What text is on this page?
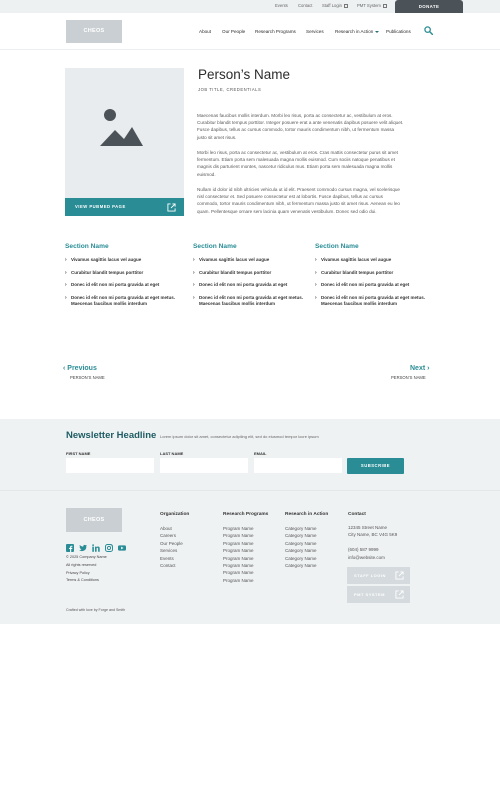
Events Contact Staff Login	PMT System	DONATE
CHEOS	About Our People Research Programs Services Research in Action	Publications
VIEW PUBMED PAGE
Person’s Name
JOB TITLE, CREDENTIALS

Maecenas faucibus mollis interdum. Morbi leo risus, porta ac consectetur ac, vestibulum at eros. Curabitur blandit tempus porttitor. Integer posuere erat a ante venenatis dapibus posuere velit aliquet. Fusce dapibus, tellus ac cursus commodo, tortor mauris condimentum nibh, ut fermentum massa justo sit amet risus.

Morbi leo risus, porta ac consectetur ac, vestibulum at eros. Cras mattis consectetur purus sit amet fermentum. Etiam porta sem malesuada magna mollis euismod. Cum sociis natoque penatibus et magnis dis parturient montes, nascetur ridiculus mus. Etiam porta sem malesuada magna mollis euismod.

Nullam id dolor id nibh ultricies vehicula ut id elit. Praesent commodo cursus magna, vel scelerisque nisl consectetur et. Sed posuere consectetur est at lobortis. Fusce dapibus, tellus ac cursus commodo, tortor mauris condimentum nibh, ut fermentum massa justo sit amet risus. Aenean eu leo quam. Pellentesque ornare sem lacinia quam venenatis vestibulum. Donec sed odio dui.

Section Name
› Vivamus sagittis lacus vel augue
› Curabitur blandit tempus porttitor
› Donec id elit non mi porta gravida at eget
› Donec id elit non mi porta gravida at eget metus. Maecenas faucibus mollis interdum
Section Name
› Vivamus sagittis lacus vel augue
› Curabitur blandit tempus porttitor
› Donec id elit non mi porta gravida at eget
› Donec id elit non mi porta gravida at eget metus. Maecenas faucibus mollis interdum
Section Name
› Vivamus sagittis lacus vel augue
› Curabitur blandit tempus porttitor
› Donec id elit non mi porta gravida at eget
› Donec id elit non mi porta gravida at eget metus. Maecenas faucibus mollis interdum
‹ Previous
PERSON’S NAME
Next ›
PERSON’S NAME
Newsletter Headline Lorem ipsum dolor sit amet, consectetur adipiling elit, sed do eiusmod tempor locre ipsum
FIRST NAME	LAST NAME	EMAIL
SUBSCRIBE
CHEOS
© 2025 Company Name
All rights reserved
Privacy Policy
Terms & Conditions
Organization
About
Careers
Our People
Services
Events
Contact
Research Programs
Program Name
Program Name
Program Name
Program Name
Program Name
Program Name
Program Name
Program Name
Research in Action
Category Name
Category Name
Category Name
Category Name
Category Name
Category Name
Contact
12345 Street Name
City Name, BC V4G 5K9
(604) 587 9999
info@website.com
STAFF LOGIN
PMT SYSTEM
Crafted with love by Forge and Smith
